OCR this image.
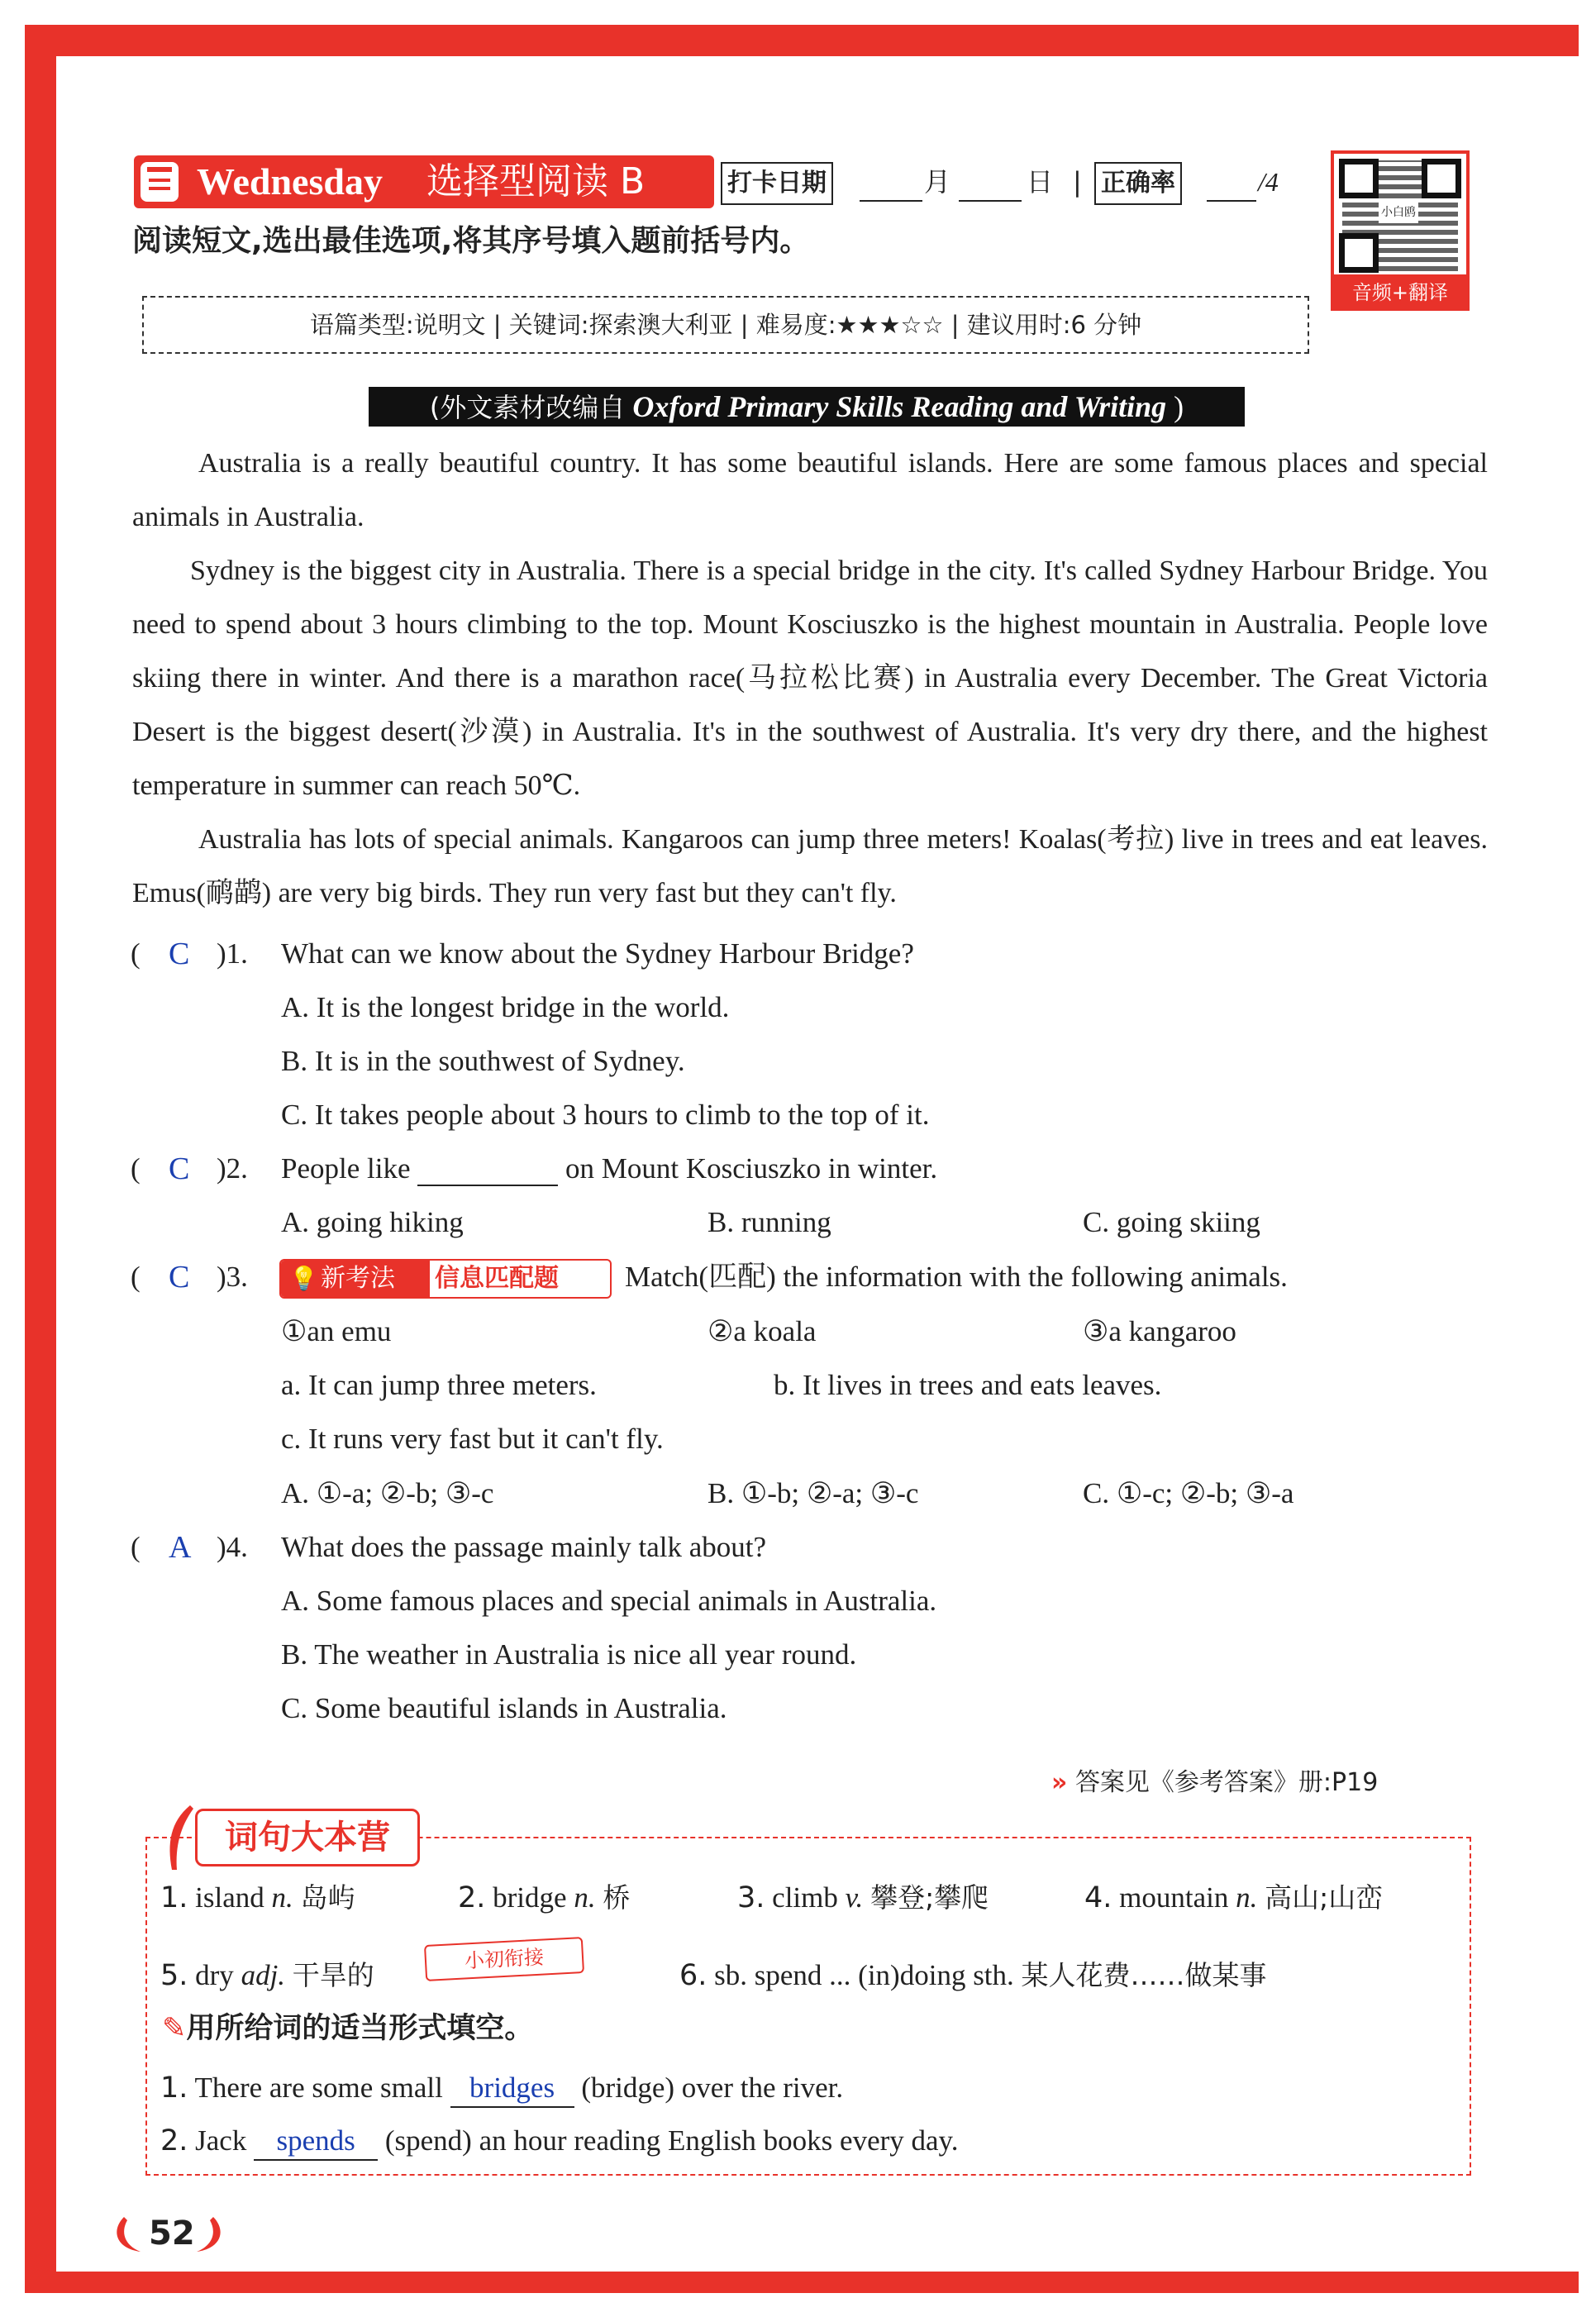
Wednesday 选择型阅读 B	打卡日期	月	日 | 正确率	/4
小白鸥
音频+翻译
阅读短文,选出最佳选项,将其序号填入题前括号内。
语篇类型:说明文 | 关键词:探索澳大利亚 | 难易度:★★★☆☆ | 建议用时:6 分钟
(外文素材改编自 Oxford Primary Skills Reading and Writing )
Australia is a really beautiful country. It has some beautiful islands. Here are some famous places and special animals in Australia.
Sydney is the biggest city in Australia. There is a special bridge in the city. It's called Sydney Harbour Bridge. You need to spend about 3 hours climbing to the top. Mount Kosciuszko is the highest mountain in Australia. People love skiing there in winter. And there is a marathon race(马拉松比赛) in Australia every December. The Great Victoria Desert is the biggest desert(沙漠) in Australia. It's in the southwest of Australia. It's very dry there, and the highest temperature in summer can reach 50℃.
Australia has lots of special animals. Kangaroos can jump three meters! Koalas(考拉) live in trees and eat leaves. Emus(鸸鹋) are very big birds. They run very fast but they can't fly.
( C )1. What can we know about the Sydney Harbour Bridge?
A. It is the longest bridge in the world.
B. It is in the southwest of Sydney.
C. It takes people about 3 hours to climb to the top of it.
( C )2. People like	on Mount Kosciuszko in winter.
A. going hiking	B. running	C. going skiing
( C )3. 💡 新考法 信息匹配题 Match(匹配) the information with the following animals.
①an emu	②a koala	③a kangaroo
a. It can jump three meters.	b. It lives in trees and eats leaves.
c. It runs very fast but it can't fly.
A. ①-a; ②-b; ③-c	B. ①-b; ②-a; ③-c	C. ①-c; ②-b; ③-a
( A )4. What does the passage mainly talk about?
A. Some famous places and special animals in Australia.
B. The weather in Australia is nice all year round.
C. Some beautiful islands in Australia.
» 答案见《参考答案》册:P19
词句大本营
1. island n. 岛屿	2. bridge n. 桥	3. climb v. 攀登;攀爬	4. mountain n. 高山;山峦
5. dry adj. 干旱的	小初衔接	6. sb. spend ... (in)doing sth. 某人花费……做某事
✎用所给词的适当形式填空。
1. There are some small bridges (bridge) over the river.
2. Jack spends (spend) an hour reading English books every day.
52
